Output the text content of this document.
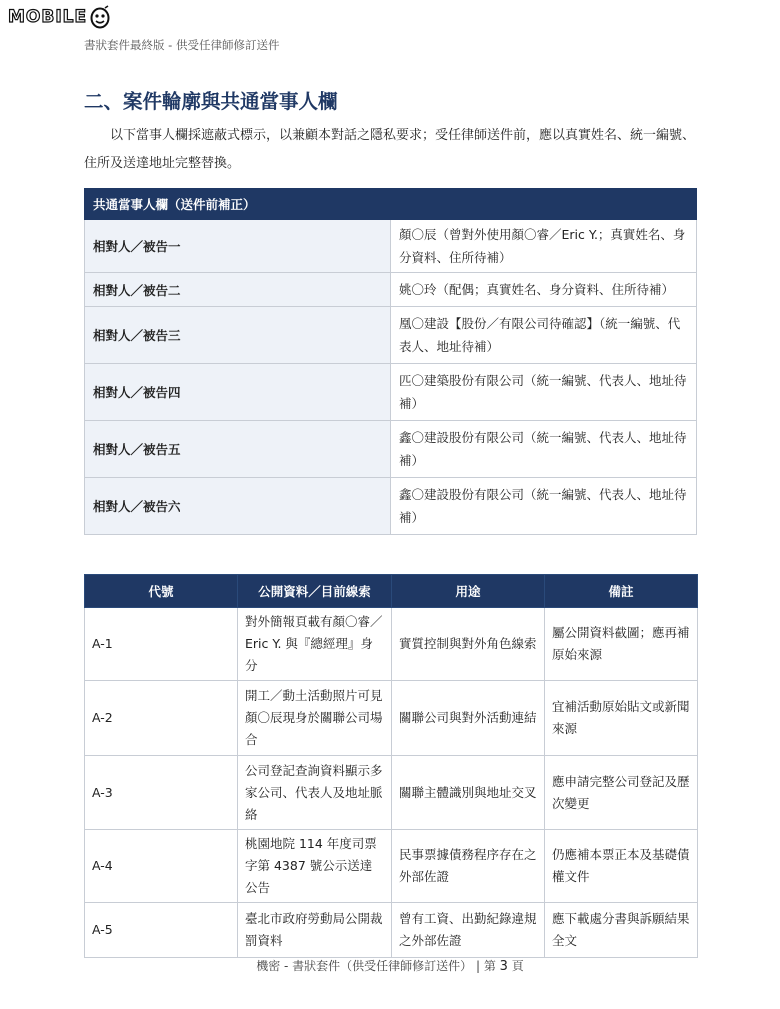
MOBILE
書狀套件最終版 - 供受任律師修訂送件
二、案件輪廓與共通當事人欄
以下當事人欄採遮蔽式標示，以兼顧本對話之隱私要求；受任律師送件前，應以真實姓名、統一編號、住所及送達地址完整替換。
共通當事人欄（送件前補正）	
相對人／被告一	顏〇辰（曾對外使用顏〇睿／Eric Y.；真實姓名、身分資料、住所待補）
相對人／被告二	姚〇玲（配偶；真實姓名、身分資料、住所待補）
相對人／被告三	凰〇建設【股份／有限公司待確認】（統一編號、代表人、地址待補）
相對人／被告四	匹〇建築股份有限公司（統一編號、代表人、地址待補）
相對人／被告五	鑫〇建設股份有限公司（統一編號、代表人、地址待補）
相對人／被告六	鑫〇建設股份有限公司（統一編號、代表人、地址待補）
代號	公開資料／目前線索	用途	備註
A-1	對外簡報頁載有顏〇睿／Eric Y. 與『總經理』身分	實質控制與對外角色線索	屬公開資料截圖；應再補原始來源
A-2	開工／動土活動照片可見顏〇辰現身於關聯公司場合	關聯公司與對外活動連結	宜補活動原始貼文或新聞來源
A-3	公司登記查詢資料顯示多家公司、代表人及地址脈絡	關聯主體識別與地址交叉	應申請完整公司登記及歷次變更
A-4	桃園地院 114 年度司票字第 4387 號公示送達公告	民事票據債務程序存在之外部佐證	仍應補本票正本及基礎債權文件
A-5	臺北市政府勞動局公開裁罰資料	曾有工資、出勤紀錄違規之外部佐證	應下載處分書與訴願結果全文
機密 - 書狀套件（供受任律師修訂送件） | 第 3 頁
